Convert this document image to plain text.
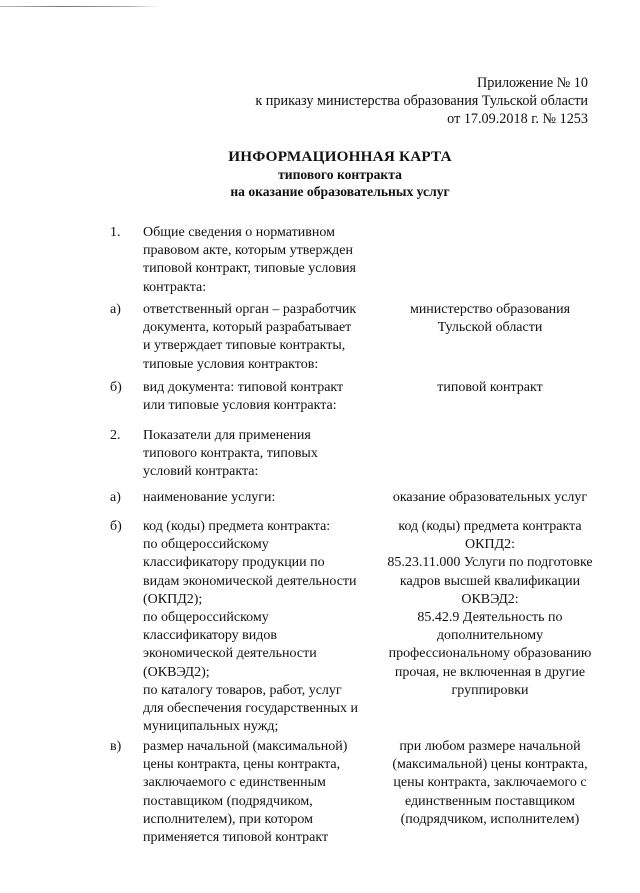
Приложение № 10
к приказу министерства образования Тульской области
от 17.09.2018 г. № 1253
ИНФОРМАЦИОННАЯ КАРТА
типового контракта
на оказание образовательных услуг
1. Общие сведения о нормативном
правовом акте, которым утвержден
типовой контракт, типовые условия
контракта:
а) ответственный орган – разработчик
документа, который разрабатывает
и утверждает типовые контракты,
типовые условия контрактов:
министерство образования
Тульской области
б) вид документа: типовой контракт
или типовые условия контракта:
типовой контракт
2. Показатели для применения
типового контракта, типовых
условий контракта:
а) наименование услуги:	оказание образовательных услуг
б) код (коды) предмета контракта:
по общероссийскому
классификатору продукции по
видам экономической деятельности
(ОКПД2);
по общероссийскому
классификатору видов
экономической деятельности
(ОКВЭД2);
по каталогу товаров, работ, услуг
для обеспечения государственных и
муниципальных нужд;
код (коды) предмета контракта
ОКПД2:
85.23.11.000 Услуги по подготовке
кадров высшей квалификации
ОКВЭД2:
85.42.9 Деятельность по
дополнительному
профессиональному образованию
прочая, не включенная в другие
группировки
в) размер начальной (максимальной)
цены контракта, цены контракта,
заключаемого с единственным
поставщиком (подрядчиком,
исполнителем), при котором
применяется типовой контракт
при любом размере начальной
(максимальной) цены контракта,
цены контракта, заключаемого с
единственным поставщиком
(подрядчиком, исполнителем)
